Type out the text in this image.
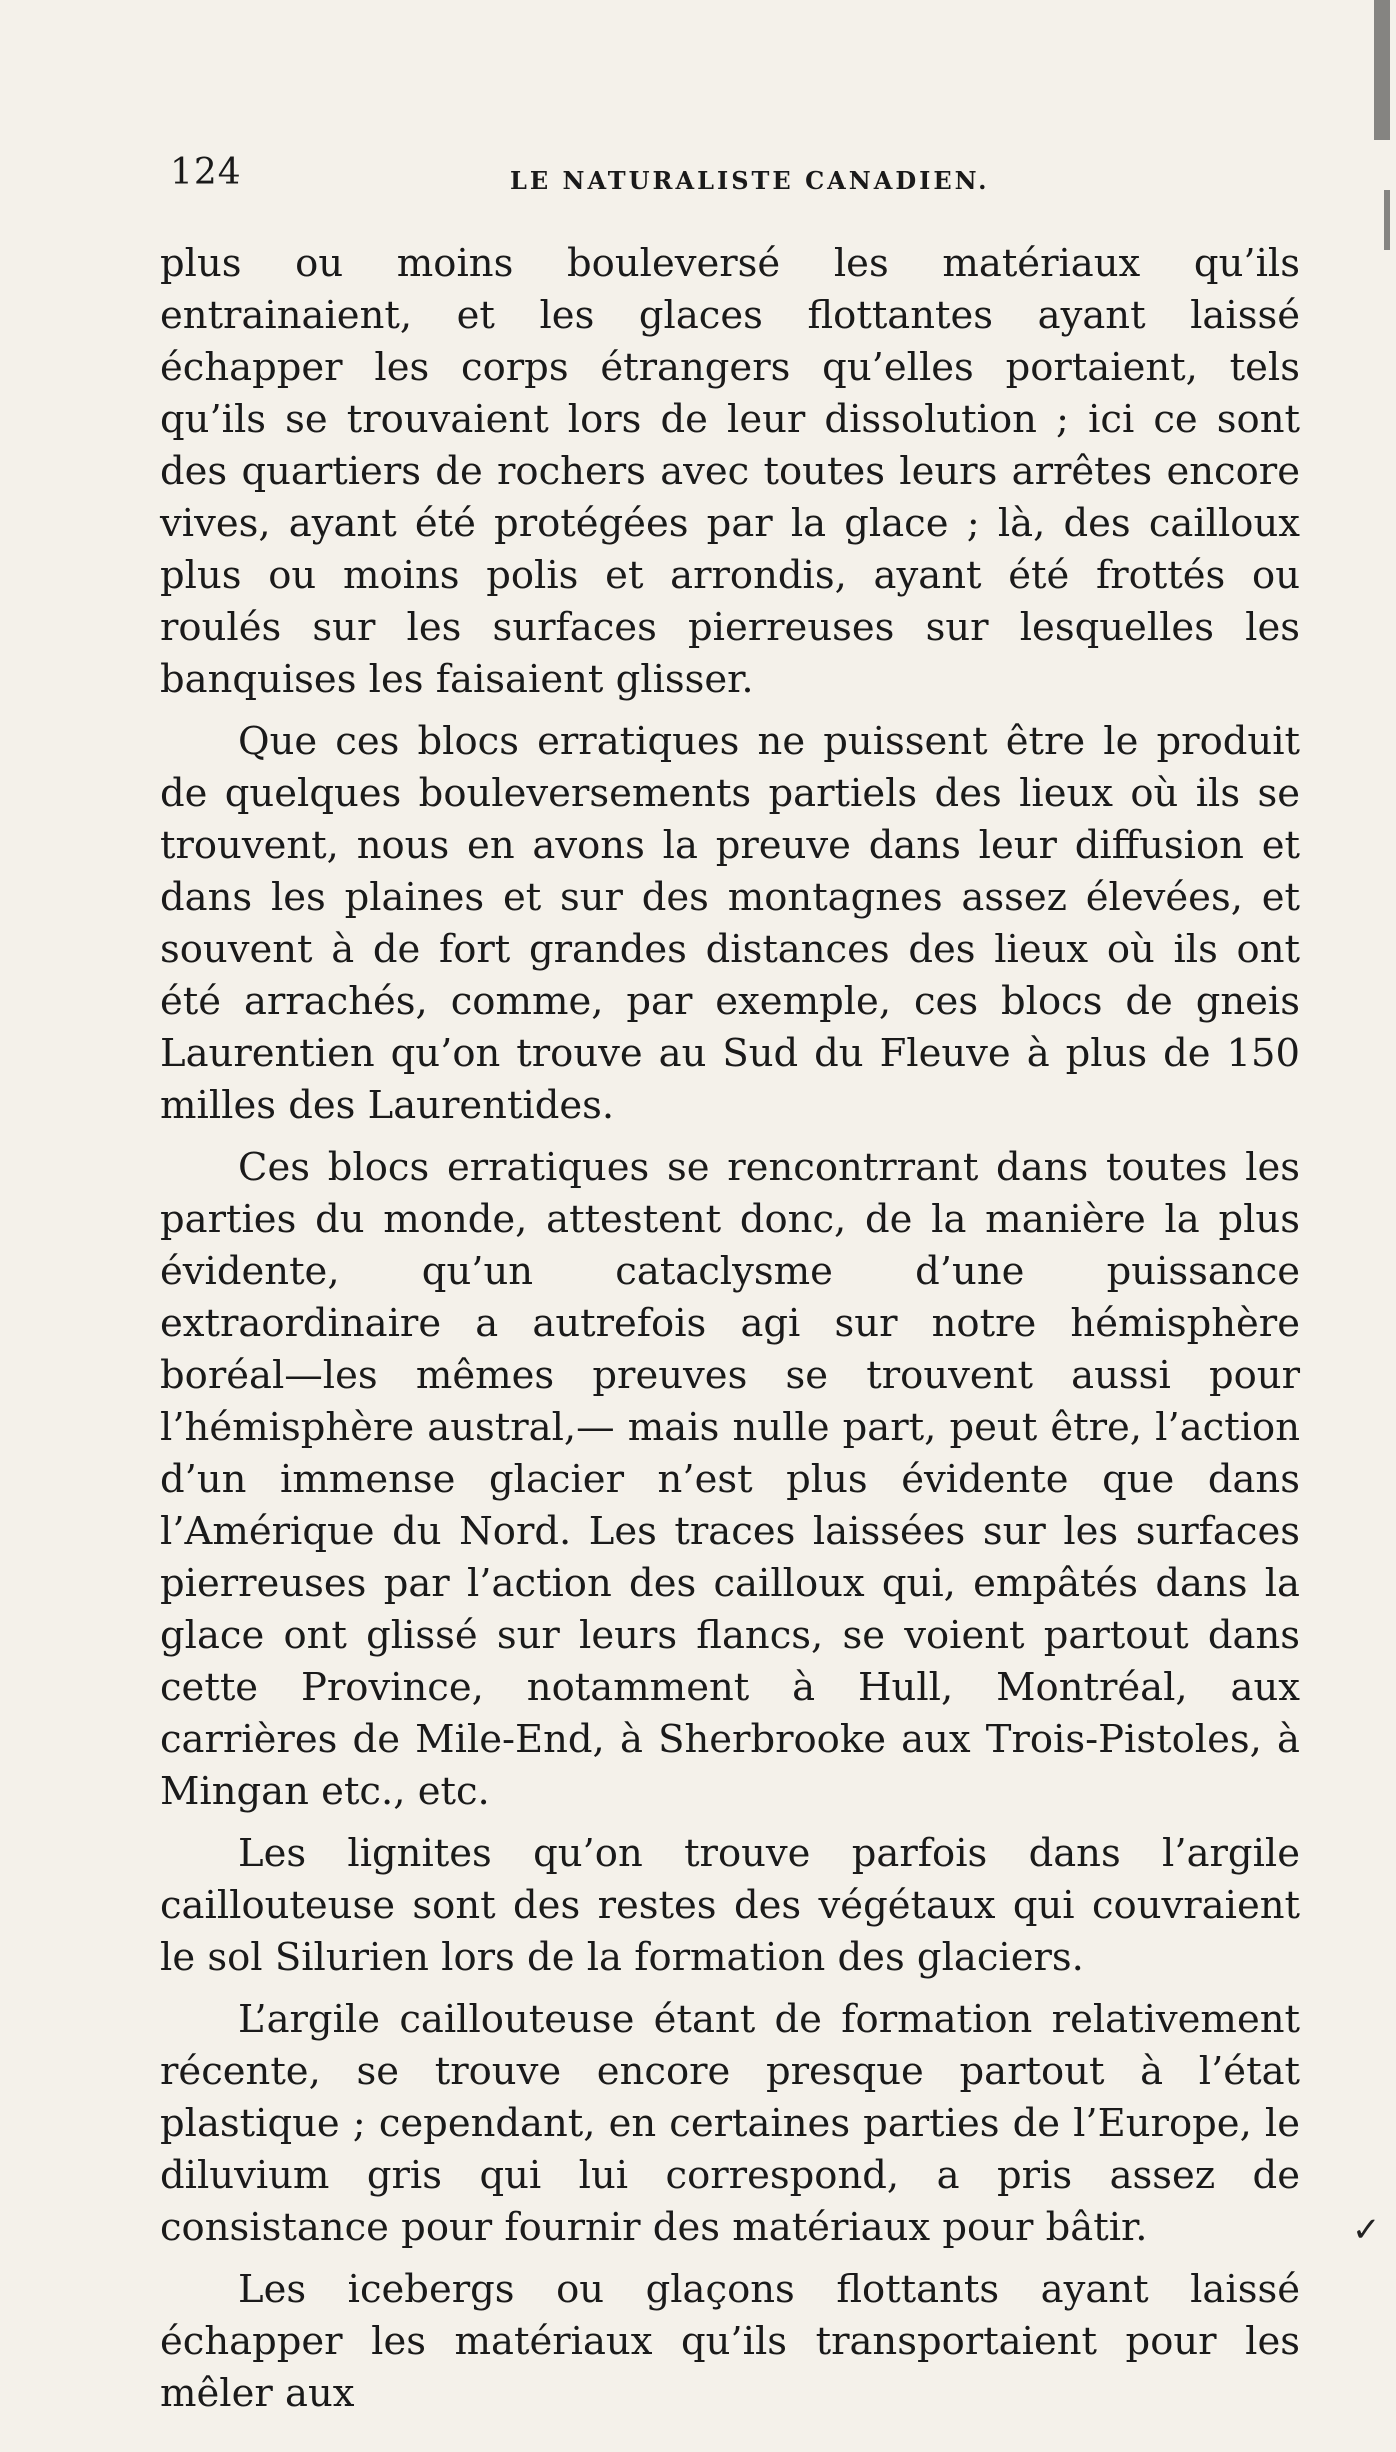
124	LE NATURALISTE CANADIEN.

plus ou moins bouleversé les matériaux qu’ils entrainaient, et les glaces flottantes ayant laissé échapper les corps étrangers qu’elles portaient, tels qu’ils se trouvaient lors de leur dissolution ; ici ce sont des quartiers de rochers avec toutes leurs arrêtes encore vives, ayant été protégées par la glace ; là, des cailloux plus ou moins polis et arrondis, ayant été frottés ou roulés sur les surfaces pierreuses sur lesquelles les banquises les faisaient glisser.

Que ces blocs erratiques ne puissent être le produit de quelques bouleversements partiels des lieux où ils se trouvent, nous en avons la preuve dans leur diffusion et dans les plaines et sur des montagnes assez élevées, et souvent à de fort grandes distances des lieux où ils ont été arrachés, comme, par exemple, ces blocs de gneis Laurentien qu’on trouve au Sud du Fleuve à plus de 150 milles des Laurentides.

Ces blocs erratiques se rencontrrant dans toutes les parties du monde, attestent donc, de la manière la plus évidente, qu’un cataclysme d’une puissance extraordinaire a autrefois agi sur notre hémisphère boréal—les mêmes preuves se trouvent aussi pour l’hémisphère austral,— mais nulle part, peut être, l’action d’un immense glacier n’est plus évidente que dans l’Amérique du Nord. Les traces laissées sur les surfaces pierreuses par l’action des cailloux qui, empâtés dans la glace ont glissé sur leurs flancs, se voient partout dans cette Province, notamment à Hull, Montréal, aux carrières de Mile-End, à Sherbrooke aux Trois-Pistoles, à Mingan etc., etc.

Les lignites qu’on trouve parfois dans l’argile caillouteuse sont des restes des végétaux qui couvraient le sol Silurien lors de la formation des glaciers.

L’argile caillouteuse étant de formation relativement récente, se trouve encore presque partout à l’état plastique ; cependant, en certaines parties de l’Europe, le diluvium gris qui lui correspond, a pris assez de consistance pour fournir des matériaux pour bâtir.

Les icebergs ou glaçons flottants ayant laissé échapper les matériaux qu’ils transportaient pour les mêler aux

✓
